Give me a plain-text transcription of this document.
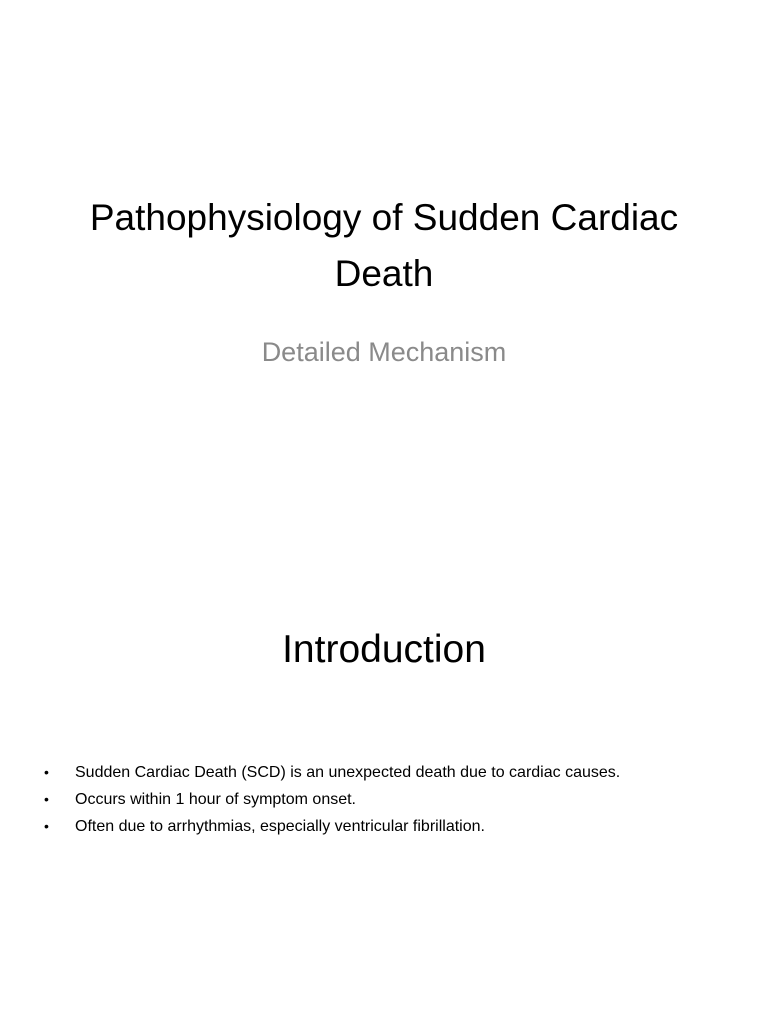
Pathophysiology of Sudden Cardiac Death

Detailed Mechanism

Introduction
• Sudden Cardiac Death (SCD) is an unexpected death due to cardiac causes.
• Occurs within 1 hour of symptom onset.
• Often due to arrhythmias, especially ventricular fibrillation.
